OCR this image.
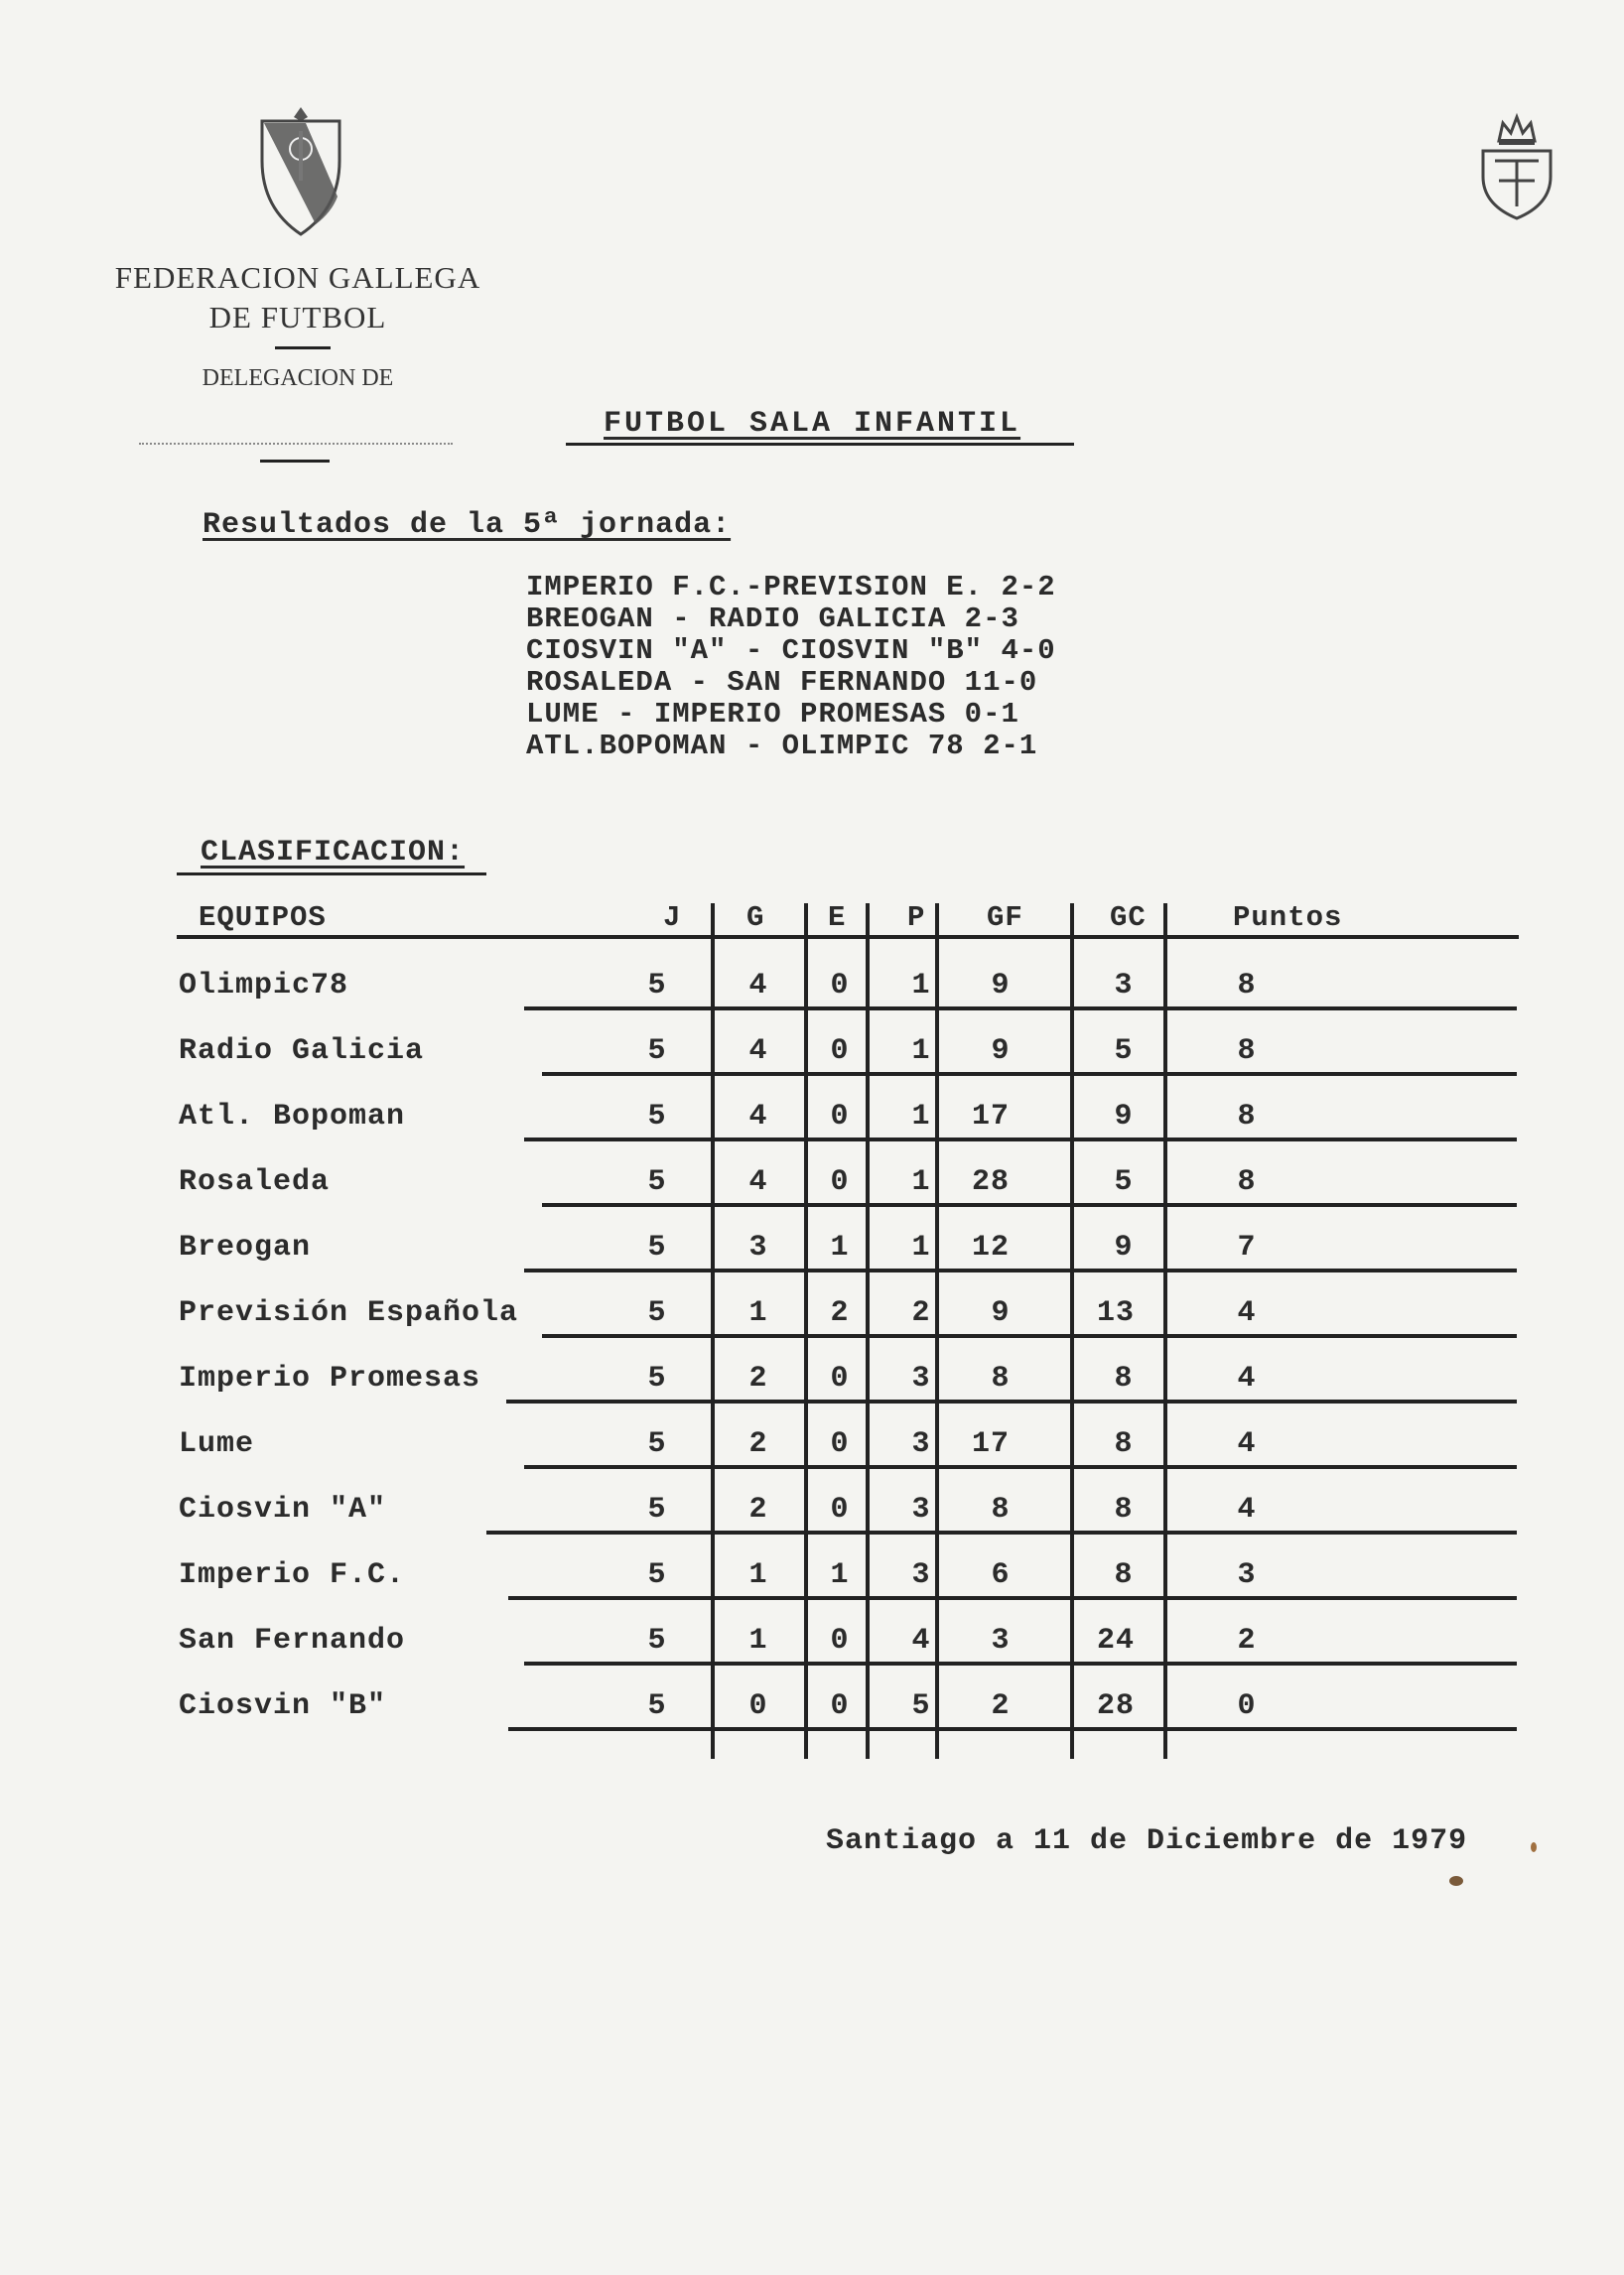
FEDERACION GALLEGA
DE FUTBOL
DELEGACION DE
FUTBOL SALA INFANTIL
Resultados de la 5ª jornada:
IMPERIO F.C.-PREVISION E. 2-2
BREOGAN - RADIO GALICIA 2-3
CIOSVIN "A" - CIOSVIN "B" 4-0
ROSALEDA - SAN FERNANDO 11-0
LUME - IMPERIO PROMESAS 0-1
ATL.BOPOMAN - OLIMPIC 78 2-1
CLASIFICACION:
EQUIPOS	J G E P GF	GC	Puntos
Olimpic78	5	4	0	1	9	3	8
Radio Galicia	5	4	0	1	9	5	8
Atl. Bopoman	5	4	0	1	17	9	8
Rosaleda	5	4	0	1	28	5	8
Breogan	5	3	1	1	12	9	7
Previsión Española	5	1	2	2	9	13	4
Imperio Promesas	5	2	0	3	8	8	4
Lume	5	2	0	3	17	8	4
Ciosvin "A"	5	2	0	3	8	8	4
Imperio F.C.	5	1	1	3	6	8	3
San Fernando	5	1	0	4	3	24	2
Ciosvin "B"	5	0	0	5	2	28	0
Santiago a 11 de Diciembre de 1979
